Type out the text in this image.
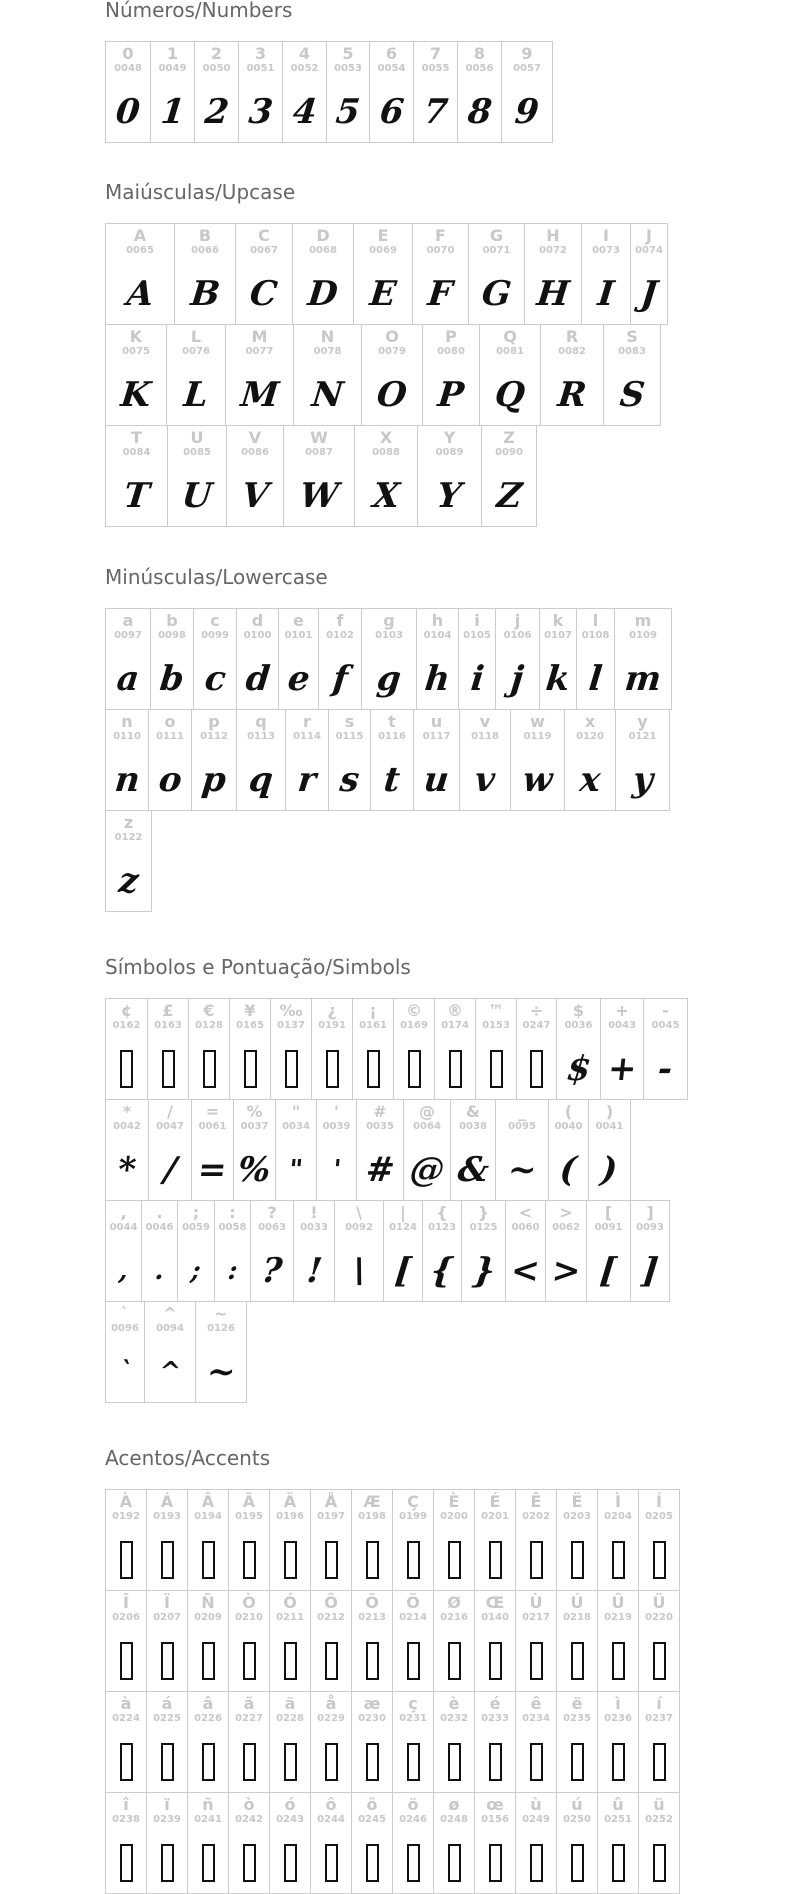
Números/Numbers
0
0048
0
1
0049
1
2
0050
2
3
0051
3
4
0052
4
5
0053
5
6
0054
6
7
0055
7
8
0056
8
9
0057
9
Maiúsculas/Upcase
A
0065
A
B
0066
B
C
0067
C
D
0068
D
E
0069
E
F
0070
F
G
0071
G
H
0072
H
I
0073
I
J
0074
J
K
0075
K
L
0076
L
M
0077
M
N
0078
N
O
0079
O
P
0080
P
Q
0081
Q
R
0082
R
S
0083
S
T
0084
T
U
0085
U
V
0086
V
W
0087
W
X
0088
X
Y
0089
Y
Z
0090
Z
Minúsculas/Lowercase
a
0097
a
b
0098
b
c
0099
c
d
0100
d
e
0101
e
f
0102
f
g
0103
g
h
0104
h
i
0105
i
j
0106
j
k
0107
k
l
0108
l
m
0109
m
n
0110
n
o
0111
o
p
0112
p
q
0113
q
r
0114
r
s
0115
s
t
0116
t
u
0117
u
v
0118
v
w
0119
w
x
0120
x
y
0121
y
z
0122
z
Símbolos e Pontuação/Simbols
¢
0162
£
0163
€
0128
¥
0165
‰
0137
¿
0191
¡
0161
©
0169
®
0174
™
0153
÷
0247
$
0036
$
+
0043
+
-
0045
-
*
0042
*
/
0047
/
=
0061
=
%
0037
%
"
0034
"
'
0039
'
#
0035
#
@
0064
@
&
0038
&
_
0095
~
(
0040
(
)
0041
)
,
0044
,
.
0046
.
;
0059
;
:
0058
:
?
0063
?
!
0033
!
\
0092
\
|
0124
[
{
0123
{
}
0125
}
<
0060
<
>
0062
>
[
0091
[
]
0093
]
`
0096
`
^
0094
^
~
0126
~
Acentos/Accents
À
0192
Á
0193
Â
0194
Ã
0195
Ä
0196
Å
0197
Æ
0198
Ç
0199
È
0200
É
0201
Ê
0202
Ë
0203
Ì
0204
Í
0205
Î
0206
Ï
0207
Ñ
0209
Ò
0210
Ó
0211
Ô
0212
Õ
0213
Ö
0214
Ø
0216
Œ
0140
Ù
0217
Ú
0218
Û
0219
Ü
0220
à
0224
á
0225
â
0226
ã
0227
ä
0228
å
0229
æ
0230
ç
0231
è
0232
é
0233
ê
0234
ë
0235
ì
0236
í
0237
î
0238
ï
0239
ñ
0241
ò
0242
ó
0243
ô
0244
õ
0245
ö
0246
ø
0248
œ
0156
ù
0249
ú
0250
û
0251
ü
0252
